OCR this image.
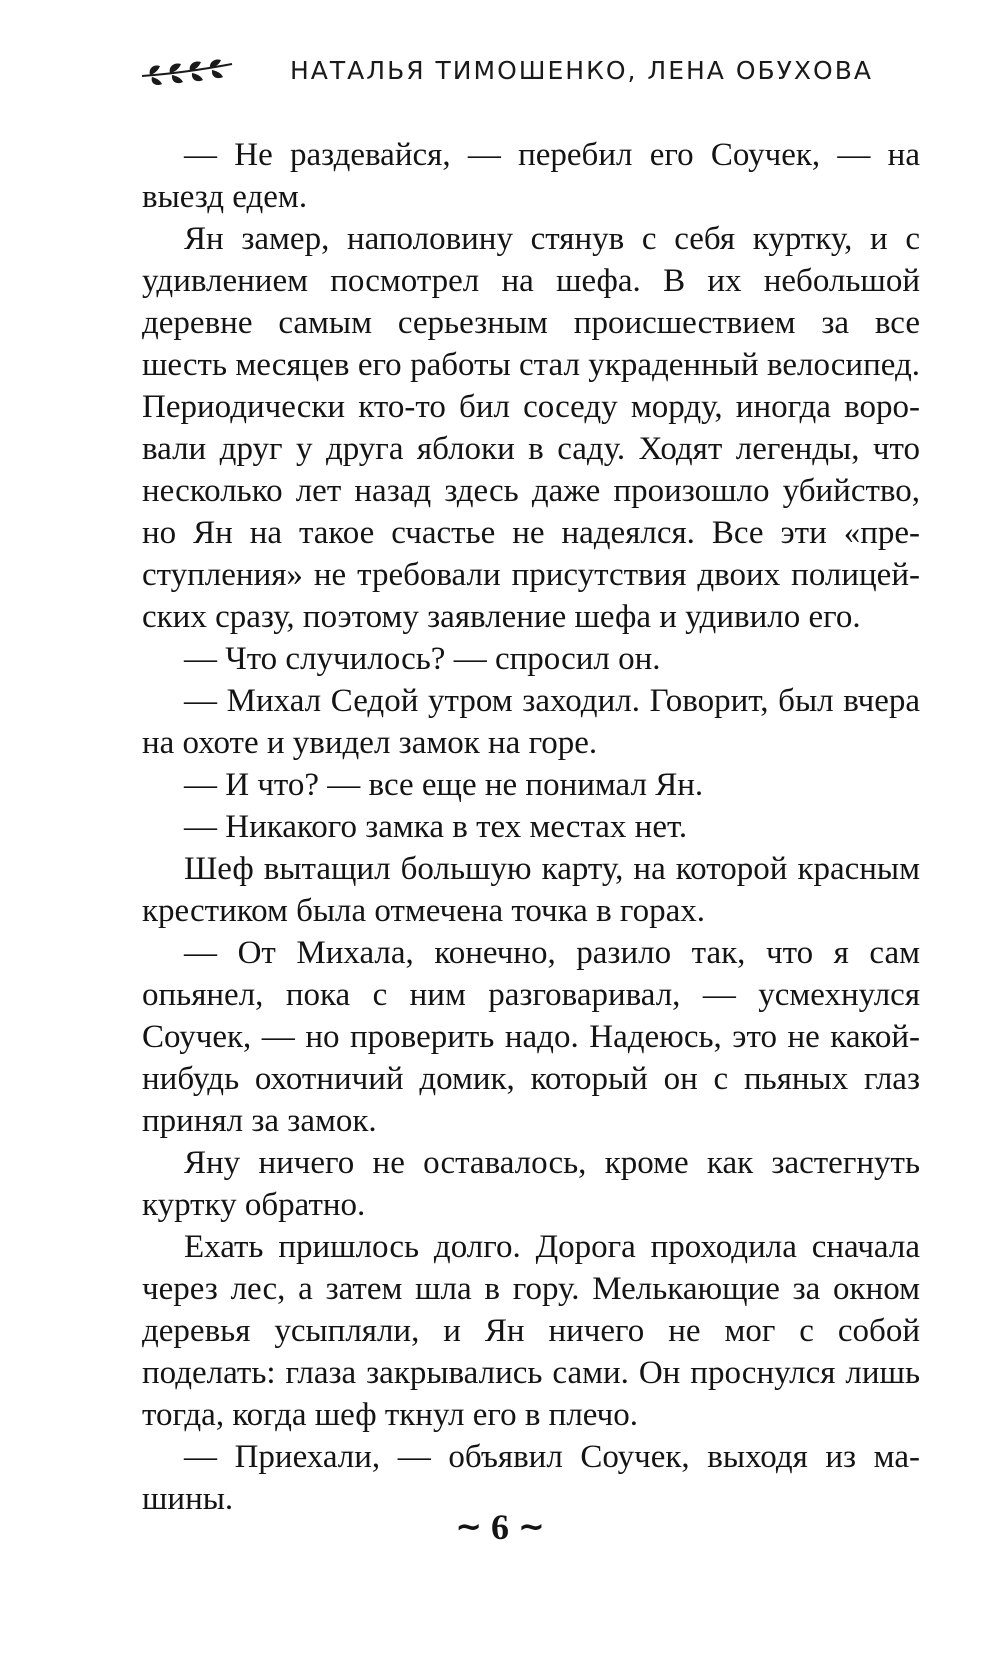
НАТАЛЬЯ ТИМОШЕНКО, ЛЕНА ОБУХОВА

— Не раздевайся, — перебил его Соучек, — на выезд едем.

Ян замер, наполовину стянув с себя куртку, и с удивлением посмотрел на шефа. В их небольшой деревне самым серьезным происшествием за все шесть месяцев его работы стал украденный велосипед. Периодически кто-то бил соседу морду, иногда воровали друг у друга яблоки в саду. Ходят легенды, что несколько лет назад здесь даже произошло убийство, но Ян на такое счастье не надеялся. Все эти «преступления» не требовали присутствия двоих полицейских сразу, поэтому заявление шефа и удивило его.

— Что случилось? — спросил он.

— Михал Седой утром заходил. Говорит, был вчера на охоте и увидел замок на горе.

— И что? — все еще не понимал Ян.

— Никакого замка в тех местах нет.

Шеф вытащил большую карту, на которой красным крестиком была отмечена точка в горах.

— От Михала, конечно, разило так, что я сам опьянел, пока с ним разговаривал, — усмехнулся Соучек, — но проверить надо. Надеюсь, это не какой-нибудь охотничий домик, который он с пьяных глаз принял за замок.

Яну ничего не оставалось, кроме как застегнуть куртку обратно.

Ехать пришлось долго. Дорога проходила сначала через лес, а затем шла в гору. Мелькающие за окном деревья усыпляли, и Ян ничего не мог с собой поделать: глаза закрывались сами. Он проснулся лишь тогда, когда шеф ткнул его в плечо.

— Приехали, — объявил Соучек, выходя из машины.

~ 6 ~
